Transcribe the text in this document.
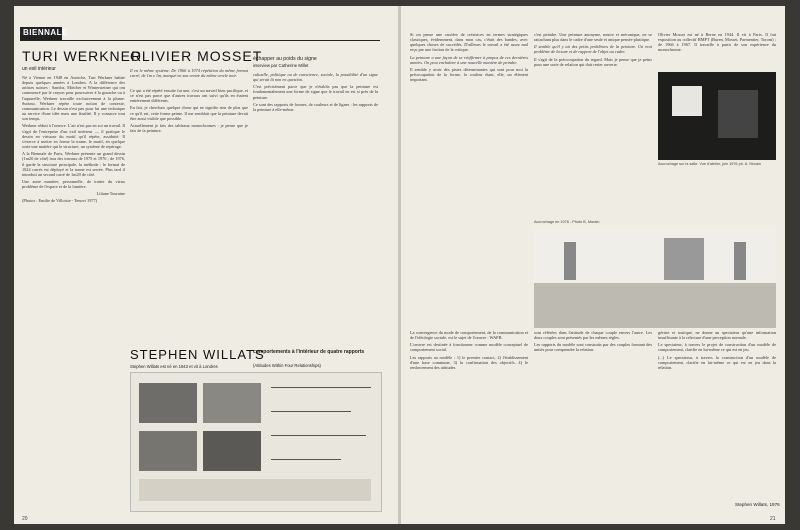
BIENNALE
TURI WERKNER
un exil intérieur

Né à Vienne en 1948 en Autriche, Turi Werkner habite depuis quelques années à Londres. A la différence des artistes suisses : Sandoz, Mötcher et Wintersteiner qui ont commencé par le crayon pour poursuivre à la gouache ou à l'aquarelle, Werkner travaille exclusivement à la plume. Surtout, Werkner répète toute notion de contexte, communication. Le dessin n'est pas pour lui une technique au service d'une idée mais une finalité. Il y consacre tout son temps.

Werkner réduit à l'oeuvre. L'art n'est pas en soi un travail. Il s'agit de l'entreprise d'un exil intérieur — il pratique le dessin en virtuose du motif qu'il répète, assiduité. Il s'exerce à mettre en forme la trame, le motif, en quelque sorte une matière qui le structure, un système de repérage.

A la Biennale de Paris, Werkner présente un grand dessin (1m20 de côté) issu des travaux de 1975 et 1976 ; de 1976, il garde la structure principale, la méthode ; le format de 1024 carrés est déployé et la trame est serrée. Plus tard il introduit un second carré de 1m20 de côté.

Une autre manière, personnelle, de traiter du vieux problème de l'espace et de la lumière.

Liliane Touraine

(Photos : Emilie de Villoisie - Tenovi 1977)

OLIVIER MOSSET
Il en le même système. De 1966 à 1974 répétition du même format carré, de 1m x 1m, marqué en son centre du même cercle noir.

Ce qui a été répété ensuite fut une, c'est un travail bien pacifique, et ce n'est pas parce que d'autres travaux ont suivi qu'ils en étaient entièrement différents.

En fait, je cherchais quelque chose qui ne signifie rien de plus que ce qu'il est, cette forme peinte. Il me semblait que la peinture devait être aussi visible que possible.

Actuellement je fais des tableaux monochromes : je pense que je fais de la peinture.

échapper au poids du signe
interview par Catherine Millet

cultuelle, politique ou de conscience, sociale, la possibilité d'un signe qui serait là non en question.

C'est précisément parce que je n'établis pas que la peinture est fondamentalement une forme de signe que le travail en est si près de la peinture.

Ce sont des rapports de formes, de couleurs et de lignes : les rapports de la peinture à elle-même.

STEPHEN WILLATS
Stephen Willats est né en 1943 et vit à Londres
comportements à l'intérieur de quatre rapports
(Attitudes Within Four Relationships)
20

Si on pense une carrière de créatrices en termes stratégiques classiques, évidemment, dans mon cas, c'était des bandes, avec quelques choses de succédés. D'ailleurs le travail a été assez mal reçu par une faction de la critique.

La peinture a une façon de se réaffirmer à propos de ces dernières années. On peut enchaîner à une nouvelle manière de peindre.

Il semble y avoir des pistes déterminantes qui sont pour moi la préoccupation de la forme, la couleur étant, elle, un élément important.

c'est peindre. Une peinture anonyme, neutre et mécanique, ne se rattachant plus dans le cadre d'une seule et unique pensée plastique.

Il semble qu'il y ait des petits problèmes de la peinture. Un vrai problème de lecture et de rapport de l'objet au cadre.

Il s'agit de la préoccupation du regard. Mais je pense que je peins pour une sorte de relation qui doit rester ouverte.

Olivier Mosset est né à Berne en 1944. Il vit à Paris. Il fait exposition au collectif BMPT (Buren, Mosset, Parmentier, Toroni) ; de 1966 à 1967. Il travaille à partir de son expérience du monochrome.
Accrochage sur la salle. Vue d'atelier, juin 1976 ph. A. Morain
Accrochage en 1976 - Photo B. Morain

La convergence du mode de comportement, de la communication et de l'idéologie sociale, est le sujet de l'oeuvre : WAFR.

L'oeuvre est destinée à fonctionner comme modèle conceptuel de comportement social.

Les rapports au modèle : 1) le premier contact, 2) l'établissement d'une base commune, 3) la confirmation des objectifs, 4) le renforcement des attitudes.

sont référées dans l'attitude de chaque couple envers l'autre. Les deux couples sont présentés par les mêmes règles.

Les rapports du modèle sont construits par des couples formant des unités pour comprendre la relation.

gériste et toutique, ne donne au spectateur qu'une information insuffisante à la relecture d'une perception normale.

Le spectateur, à travers le projet de construction d'un modèle de comportement, clarifie en lui-même ce qui est en jeu.

(...) Le spectateur, à travers la construction d'un modèle de comportement, clarifie en lui-même ce qui est en jeu dans la relation.

Stephen Willats, 1976
21
